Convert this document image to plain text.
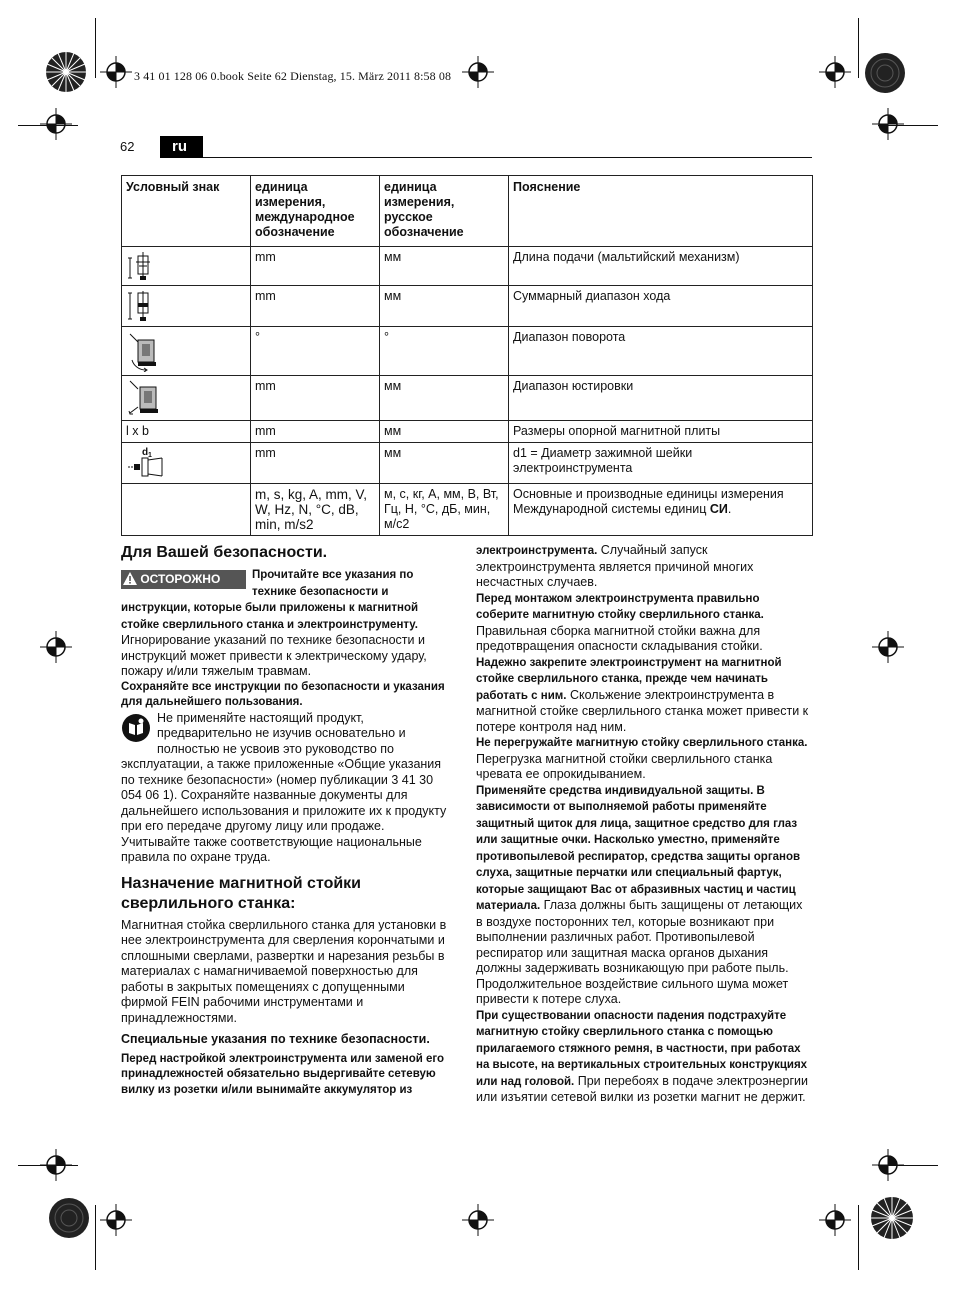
3 41 01 128 06 0.book Seite 62 Dienstag, 15. März 2011 8:58 08
62	ru
Условный знак	единица измерения, международное обозначение	единица измерения, русское обозначение	Пояснение

	mm	мм	Длина подачи (мальтийский механизм)

	mm	мм	Суммарный диапазон хода

	°	°	Диапазон поворота

	mm	мм	Диапазон юстировки
l x b	mm	мм	Размеры опорной магнитной плиты

d 1	mm	мм	d1 = Диаметр зажимной шейки электроинструмента
	m, s, kg, A, mm, V, W, Hz, N, °C, dB, min, m/s2	м, с, кг, А, мм, В, Вт, Гц, Н, °С, дБ, мин, м/с2	Основные и производные единицы измерения Международной системы единиц СИ.
Для Вашей безопасности.

ОСТОРОЖНО	Прочитайте все указания по технике безопасности и инструкции, которые были приложены к магнитной стойке сверлильного станка и электроинструменту. Игнорирование указаний по технике безопасности и инструкций может привести к электрическому удару, пожару и/или тяжелым травмам.

Сохраняйте все инструкции по безопасности и указания для дальнейшего пользования.

Не применяйте настоящий продукт, предварительно не изучив основательно и полностью не усвоив это руководство по эксплуатации, а также приложенные «Общие указания по технике безопасности» (номер публикации 3 41 30 054 06 1). Сохраняйте названные документы для дальнейшего использования и приложите их к продукту при его передаче другому лицу или продаже.

Учитывайте также соответствующие национальные правила по охране труда.

Назначение магнитной стойки сверлильного станка:

Магнитная стойка сверлильного станка для установки в нее электроинструмента для сверления корончатыми и сплошными сверлами, развертки и нарезания резьбы в материалах с намагничиваемой поверхностью для работы в закрытых помещениях с допущенными фирмой FEIN рабочими инструментами и принадлежностями.

Специальные указания по технике безопасности.

Перед настройкой электроинструмента или заменой его принадлежностей обязательно выдергивайте сетевую вилку из розетки и/или вынимайте аккумулятор из

электроинструмента. Случайный запуск электроинструмента является причиной многих несчастных случаев.

Перед монтажом электроинструмента правильно соберите магнитную стойку сверлильного станка. Правильная сборка магнитной стойки важна для предотвращения опасности складывания стойки.

Надежно закрепите электроинструмент на магнитной стойке сверлильного станка, прежде чем начинать работать с ним. Скольжение электроинструмента в магнитной стойке сверлильного станка может привести к потере контроля над ним.

Не перегружайте магнитную стойку сверлильного станка. Перегрузка магнитной стойки сверлильного станка чревата ее опрокидыванием.

Применяйте средства индивидуальной защиты. В зависимости от выполняемой работы применяйте защитный щиток для лица, защитное средство для глаз или защитные очки. Насколько уместно, применяйте противопылевой респиратор, средства защиты органов слуха, защитные перчатки или специальный фартук, которые защищают Вас от абразивных частиц и частиц материала. Глаза должны быть защищены от летающих в воздухе посторонних тел, которые возникают при выполнении различных работ. Противопылевой респиратор или защитная маска органов дыхания должны задерживать возникающую при работе пыль. Продолжительное воздействие сильного шума может привести к потере слуха.

При существовании опасности падения подстрахуйте магнитную стойку сверлильного станка с помощью прилагаемого стяжного ремня, в частности, при работах на высоте, на вертикальных строительных конструкциях или над головой. При перебоях в подаче электроэнергии или изъятии сетевой вилки из розетки магнит не держит.
